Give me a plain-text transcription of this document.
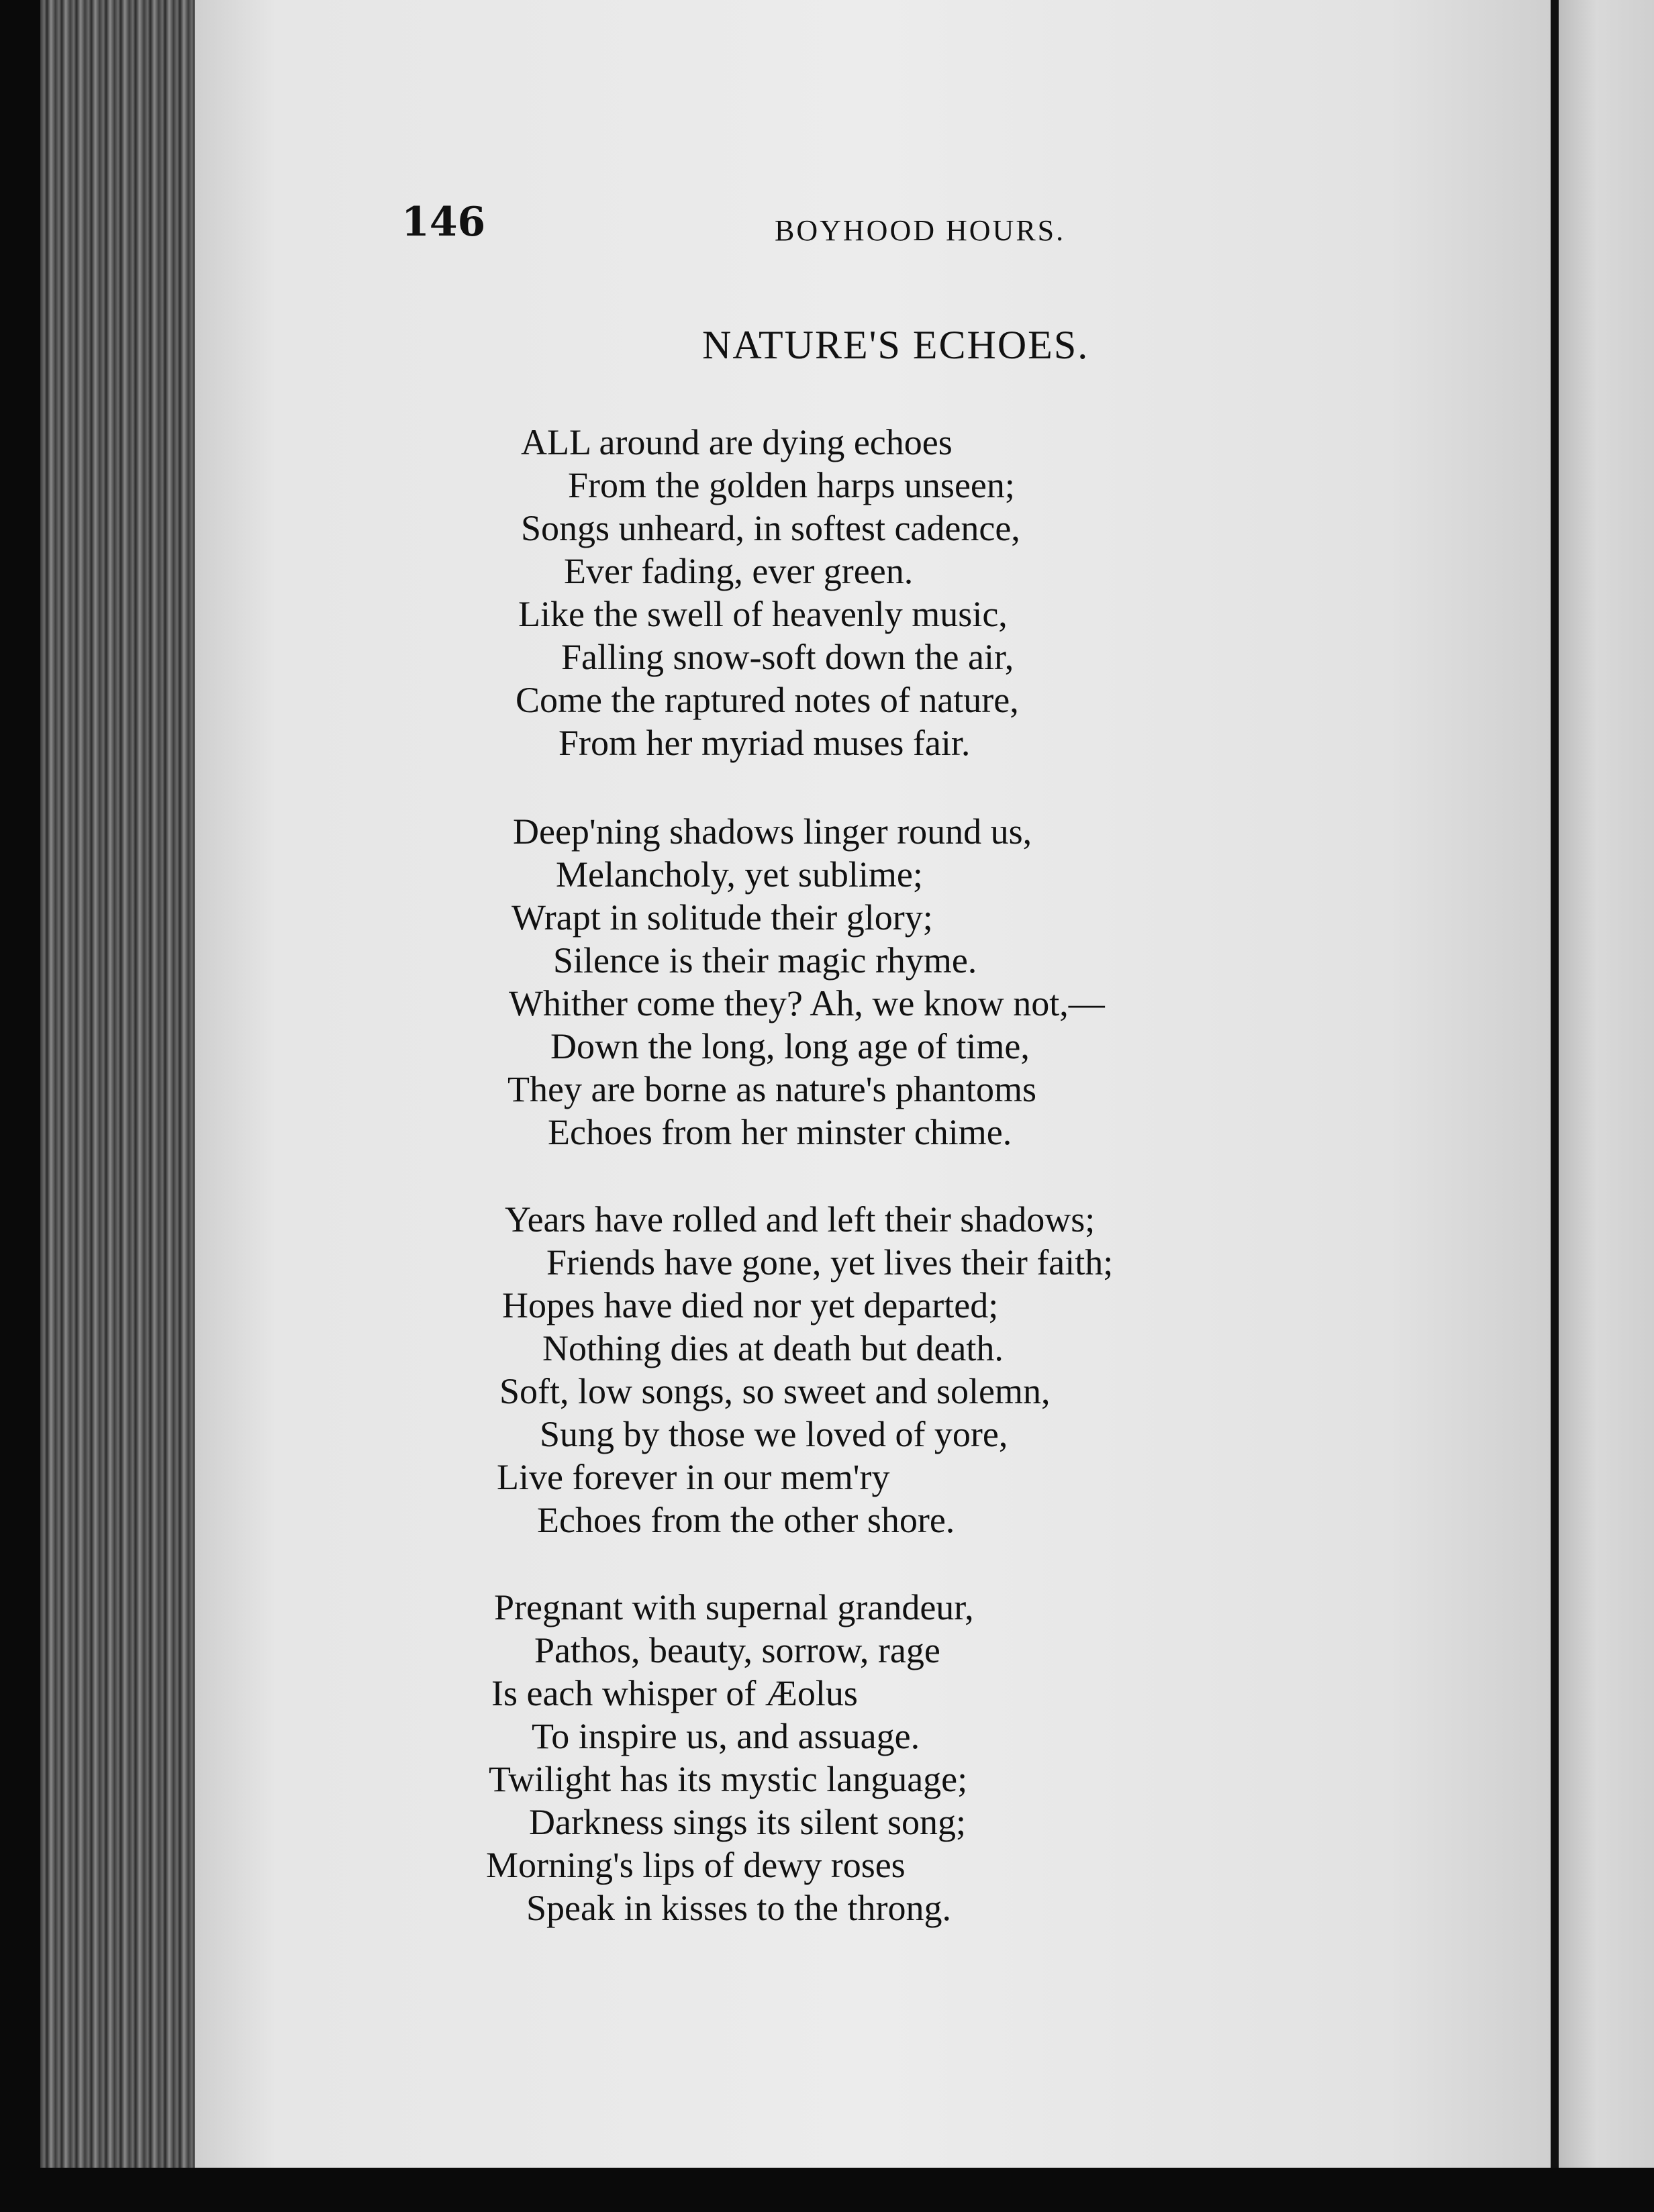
146	BOYHOOD HOURS.
NATURE'S ECHOES.
ALL around are dying echoes
From the golden harps unseen;
Songs unheard, in softest cadence,
Ever fading, ever green.
Like the swell of heavenly music,
Falling snow-soft down the air,
Come the raptured notes of nature,
From her myriad muses fair.
Deep'ning shadows linger round us,
Melancholy, yet sublime;
Wrapt in solitude their glory;
Silence is their magic rhyme.
Whither come they? Ah, we know not,—
Down the long, long age of time,
They are borne as nature's phantoms
Echoes from her minster chime.
Years have rolled and left their shadows;
Friends have gone, yet lives their faith;
Hopes have died nor yet departed;
Nothing dies at death but death.
Soft, low songs, so sweet and solemn,
Sung by those we loved of yore,
Live forever in our mem'ry
Echoes from the other shore.
Pregnant with supernal grandeur,
Pathos, beauty, sorrow, rage
Is each whisper of Æolus
To inspire us, and assuage.
Twilight has its mystic language;
Darkness sings its silent song;
Morning's lips of dewy roses
Speak in kisses to the throng.
